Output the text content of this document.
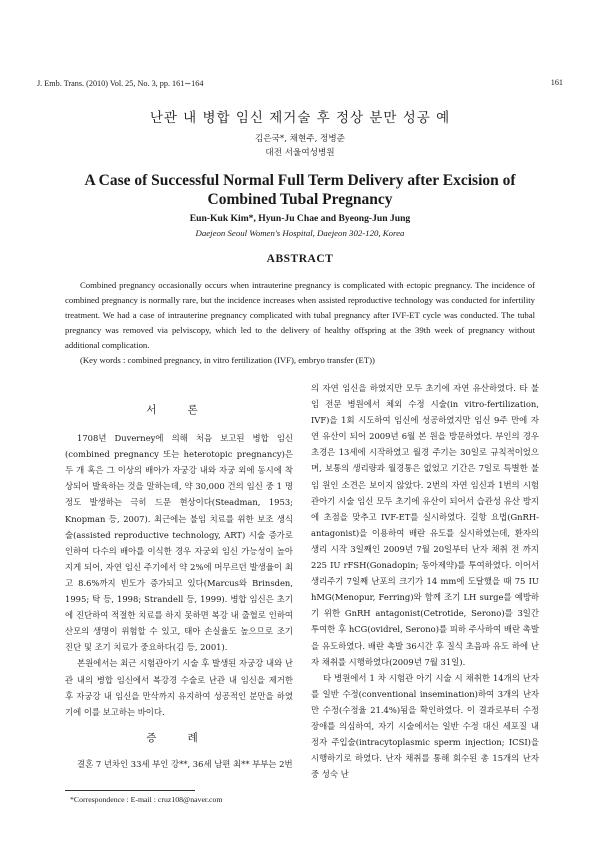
J. Emb. Trans. (2010) Vol. 25, No. 3, pp. 161∼164	161
난관 내 병합 임신 제거술 후 정상 분만 성공 예
김은국*, 채현주, 정병준
대전 서울여성병원
A Case of Successful Normal Full Term Delivery after Excision of Combined Tubal Pregnancy
Eun-Kuk Kim*, Hyun-Ju Chae and Byeong-Jun Jung
Daejeon Seoul Women's Hospital, Daejeon 302-120, Korea
ABSTRACT

Combined pregnancy occasionally occurs when intrauterine pregnancy is complicated with ectopic pregnancy. The incidence of combined pregnancy is normally rare, but the incidence increases when assisted reproductive technology was conducted for infertility treatment. We had a case of intrauterine pregnancy complicated with tubal pregnancy after IVF-ET cycle was conducted. The tubal pregnancy was removed via pelviscopy, which led to the delivery of healthy offspring at the 39th week of pregnancy without additional complication.

(Key words : combined pregnancy, in vitro fertilization (IVF), embryo transfer (ET))

서 론

1708년 Duverney에 의해 처음 보고된 병합 임신(combined pregnancy 또는 heterotopic pregnancy)은 두 개 혹은 그 이상의 배아가 자궁강 내와 자궁 외에 동시에 착상되어 발육하는 것을 말하는데, 약 30,000 건의 임신 중 1 명 정도 발생하는 극히 드문 현상이다(Steadman, 1953; Knopman 등, 2007). 최근에는 불임 치료를 위한 보조 생식술(assisted reproductive technology, ART) 시술 증가로 인하여 다수의 배아를 이식한 경우 자궁외 임신 가능성이 높아지게 되어, 자연 임신 주기에서 약 2%에 머무르던 발생율이 최고 8.6%까지 빈도가 증가되고 있다(Marcus와 Brinsden, 1995; 탁 등, 1998; Strandell 등, 1999). 병합 임신은 초기에 진단하여 적절한 치료를 하지 못하면 복강 내 출혈로 인하여 산모의 생명이 위험할 수 있고, 태아 손실율도 높으므로 조기 진단 및 조기 치료가 중요하다(김 등, 2001).

본원에서는 최근 시험관아기 시술 후 발생된 자궁강 내와 난관 내의 병합 임신에서 복강경 수술로 난관 내 임신을 제거한 후 자궁강 내 임신을 만삭까지 유지하여 성공적인 분만을 하였기에 이를 보고하는 바이다.

증 례

결혼 7 년차인 33세 부인 강**, 36세 남편 최** 부부는 2번

의 자연 임신을 하였지만 모두 초기에 자연 유산하였다. 타 불임 전문 병원에서 체외 수정 시술(in vitro-fertilization, IVF)을 1회 시도하여 임신에 성공하였지만 임신 9주 만에 자연 유산이 되어 2009년 6월 본 원을 방문하였다. 부인의 경우 초경은 13세에 시작하였고 월경 주기는 30일로 규칙적이었으며, 보통의 생리량과 월경통은 없었고 기간은 7일로 특별한 불임 원인 소견은 보이지 않았다. 2번의 자연 임신과 1번의 시험관아기 시술 임신 모두 초기에 유산이 되어서 습관성 유산 방지에 초점을 맞추고 IVF-ET를 실시하였다. 길항 요법(GnRH-antagonist)을 이용하여 배란 유도를 실시하였는데, 환자의 생리 시작 3일째인 2009년 7월 20일부터 난자 채취 전 까지 225 IU rFSH(Gonadopin; 동아제약)를 투여하였다. 이어서 생리주기 7일째 난포의 크기가 14 mm에 도달했을 때 75 IU hMG(Menopur, Ferring)와 함께 조기 LH surge를 예방하기 위한 GnRH antagonist(Cetrotide, Serono)를 3일간 투여한 후 hCG(ovidrel, Serono)를 피하 주사하여 배란 촉발을 유도하였다. 배란 촉발 36시간 후 질식 초음파 유도 하에 난자 채취를 시행하였다(2009년 7월 31일).

타 병원에서 1 차 시험관 아기 시술 시 채취한 14개의 난자를 일반 수정(conventional insemination)하여 3개의 난자만 수정(수정율 21.4%)됨을 확인하였다. 이 결과로부터 수정 장애를 의심하여, 자기 시술에서는 일반 수정 대신 세포질 내 정자 주입술(intracytoplasmic sperm injection; ICSI)을 시행하기로 하였다. 난자 채취를 통해 회수된 총 15개의 난자 중 성숙 난

*Correspondence : E-mail : cruz108@naver.com
